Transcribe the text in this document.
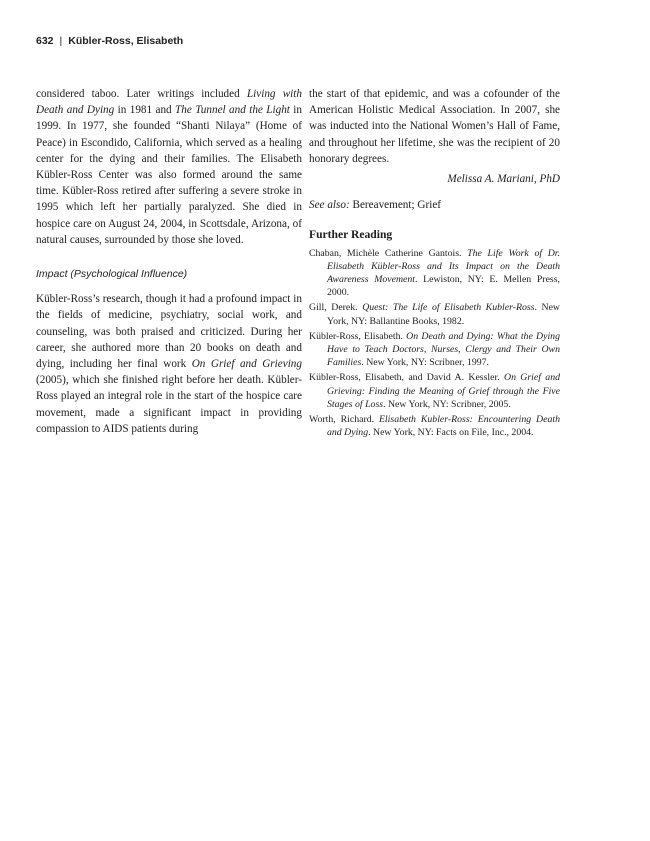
632 | Kübler-Ross, Elisabeth

considered taboo. Later writings included Living with Death and Dying in 1981 and The Tunnel and the Light in 1999. In 1977, she founded “Shanti Nilaya” (Home of Peace) in Escondido, California, which served as a healing center for the dying and their families. The Elisabeth Kübler-Ross Center was also formed around the same time. Kübler-Ross retired after suffering a severe stroke in 1995 which left her partially paralyzed. She died in hospice care on August 24, 2004, in Scottsdale, Arizona, of natural causes, surrounded by those she loved.

Impact (Psychological Influence)

Kübler-Ross’s research, though it had a profound impact in the fields of medicine, psychiatry, social work, and counseling, was both praised and criticized. During her career, she authored more than 20 books on death and dying, including her final work On Grief and Grieving (2005), which she finished right before her death. Kübler-Ross played an integral role in the start of the hospice care movement, made a significant impact in providing compassion to AIDS patients during

the start of that epidemic, and was a cofounder of the American Holistic Medical Association. In 2007, she was inducted into the National Women’s Hall of Fame, and throughout her lifetime, she was the recipient of 20 honorary degrees.

Melissa A. Mariani, PhD

See also: Bereavement; Grief

Further Reading
Chaban, Michèle Catherine Gantois. The Life Work of Dr. Elisabeth Kübler-Ross and Its Impact on the Death Awareness Movement. Lewiston, NY: E. Mellen Press, 2000.
Gill, Derek. Quest: The Life of Elisabeth Kubler-Ross. New York, NY: Ballantine Books, 1982.
Kübler-Ross, Elisabeth. On Death and Dying: What the Dying Have to Teach Doctors, Nurses, Clergy and Their Own Families. New York, NY: Scribner, 1997.
Kübler-Ross, Elisabeth, and David A. Kessler. On Grief and Grieving: Finding the Meaning of Grief through the Five Stages of Loss. New York, NY: Scribner, 2005.
Worth, Richard. Elisabeth Kubler-Ross: Encountering Death and Dying. New York, NY: Facts on File, Inc., 2004.
